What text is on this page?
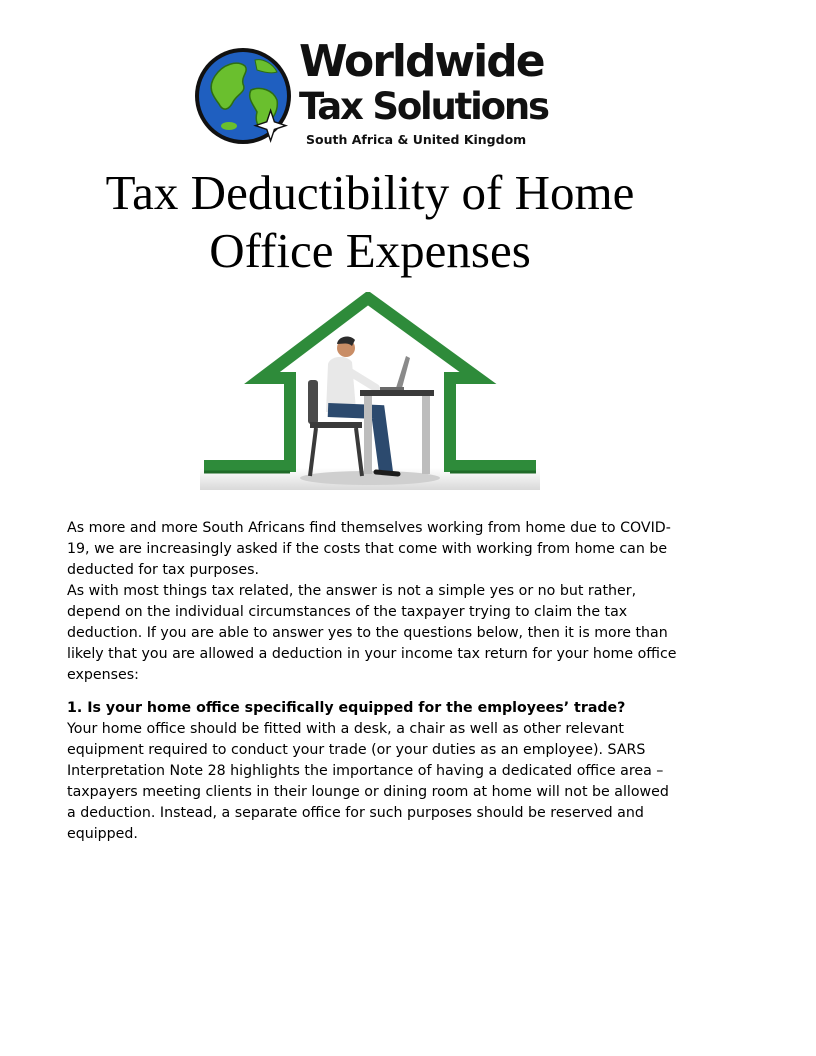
Worldwide
Tax Solutions
South Africa & United Kingdom
Tax Deductibility of Home
Office Expenses

As more and more South Africans find themselves working from home due to COVID-19, we are increasingly asked if the costs that come with working from home can be deducted for tax purposes.

As with most things tax related, the answer is not a simple yes or no but rather, depend on the individual circumstances of the taxpayer trying to claim the tax deduction. If you are able to answer yes to the questions below, then it is more than likely that you are allowed a deduction in your income tax return for your home office expenses:

1. Is your home office specifically equipped for the employees’ trade?

Your home office should be fitted with a desk, a chair as well as other relevant equipment required to conduct your trade (or your duties as an employee). SARS Interpretation Note 28 highlights the importance of having a dedicated office area – taxpayers meeting clients in their lounge or dining room at home will not be allowed a deduction. Instead, a separate office for such purposes should be reserved and equipped.
